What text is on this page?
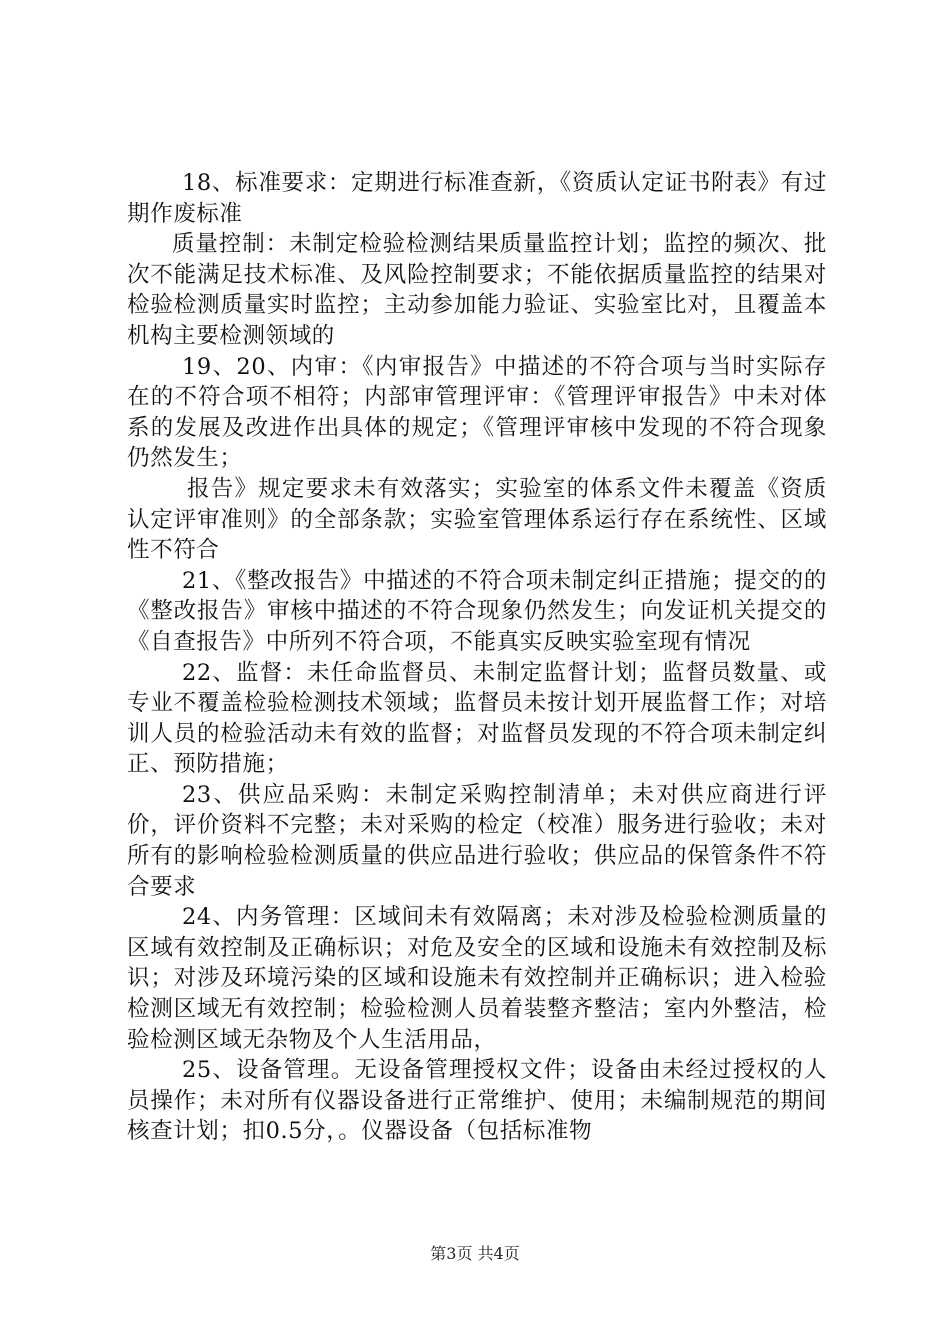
18、标准要求：定期进行标准查新，《资质认定证书附表》有过期作废标准

质量控制：未制定检验检测结果质量监控计划；监控的频次、批次不能满足技术标准、及风险控制要求；不能依据质量监控的结果对检验检测质量实时监控；主动参加能力验证、实验室比对，且覆盖本机构主要检测领域的

19、20、内审：《内审报告》中描述的不符合项与当时实际存在的不符合项不相符；内部审管理评审：《管理评审报告》中未对体系的发展及改进作出具体的规定；《管理评审核中发现的不符合现象仍然发生；

报告》规定要求未有效落实；实验室的体系文件未覆盖《资质认定评审准则》的全部条款；实验室管理体系运行存在系统性、区域性不符合

21、《整改报告》中描述的不符合项未制定纠正措施；提交的的《整改报告》审核中描述的不符合现象仍然发生；向发证机关提交的《自查报告》中所列不符合项，不能真实反映实验室现有情况

22、监督：未任命监督员、未制定监督计划；监督员数量、或专业不覆盖检验检测技术领域；监督员未按计划开展监督工作；对培训人员的检验活动未有效的监督；对监督员发现的不符合项未制定纠正、预防措施；

23、供应品采购：未制定采购控制清单；未对供应商进行评价，评价资料不完整；未对采购的检定（校准）服务进行验收；未对所有的影响检验检测质量的供应品进行验收；供应品的保管条件不符合要求

24、内务管理：区域间未有效隔离；未对涉及检验检测质量的区域有效控制及正确标识；对危及安全的区域和设施未有效控制及标识；对涉及环境污染的区域和设施未有效控制并正确标识；进入检验检测区域无有效控制；检验检测人员着装整齐整洁；室内外整洁，检验检测区域无杂物及个人生活用品，

25、设备管理。无设备管理授权文件；设备由未经过授权的人员操作；未对所有仪器设备进行正常维护、使用；未编制规范的期间核查计划；扣0.5分，。仪器设备（包括标准物

第3页 共4页
